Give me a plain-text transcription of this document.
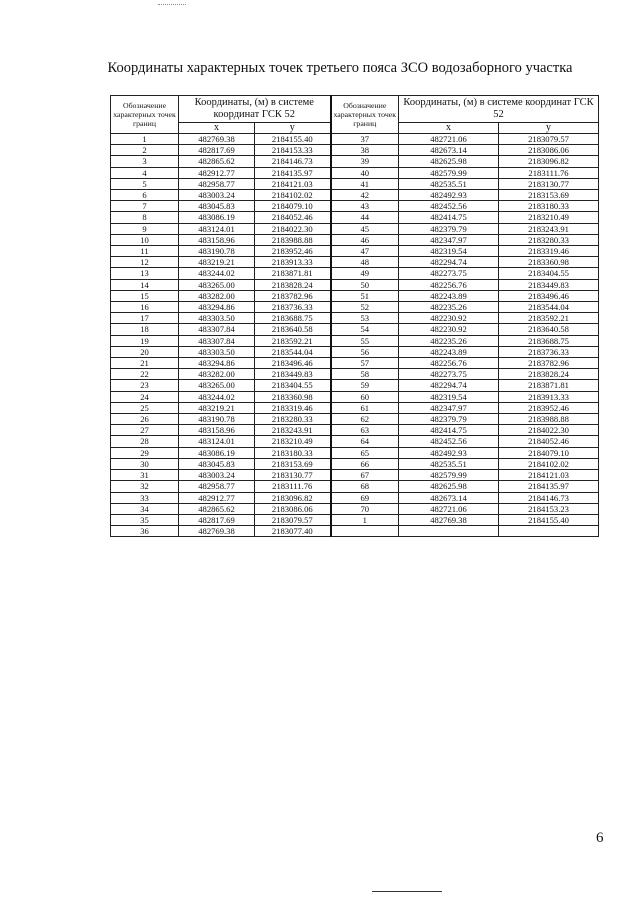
Координаты характерных точек третьего пояса ЗСО водозаборного участка
Обозначение характерных точек границ	Координаты, (м) в системе координат ГСК 52		Обозначение характерных точек границ	Координаты, (м) в системе координат ГСК 52	
	x	y		x	y
1	482769.38	2184155.40	37	482721.06	2183079.57
2	482817.69	2184153.33	38	482673.14	2183086.06
3	482865.62	2184146.73	39	482625.98	2183096.82
4	482912.77	2184135.97	40	482579.99	2183111.76
5	482958.77	2184121.03	41	482535.51	2183130.77
6	483003.24	2184102.02	42	482492.93	2183153.69
7	483045.83	2184079.10	43	482452.56	2183180.33
8	483086.19	2184052.46	44	482414.75	2183210.49
9	483124.01	2184022.30	45	482379.79	2183243.91
10	483158.96	2183988.88	46	482347.97	2183280.33
11	483190.78	2183952.46	47	482319.54	2183319.46
12	483219.21	2183913.33	48	482294.74	2183360.98
13	483244.02	2183871.81	49	482273.75	2183404.55
14	483265.00	2183828.24	50	482256.76	2183449.83
15	483282.00	2183782.96	51	482243.89	2183496.46
16	483294.86	2183736.33	52	482235.26	2183544.04
17	483303.50	2183688.75	53	482230.92	2183592.21
18	483307.84	2183640.58	54	482230.92	2183640.58
19	483307.84	2183592.21	55	482235.26	2183688.75
20	483303.50	2183544.04	56	482243.89	2183736.33
21	483294.86	2183496.46	57	482256.76	2183782.96
22	483282.00	2183449.83	58	482273.75	2183828.24
23	483265.00	2183404.55	59	482294.74	2183871.81
24	483244.02	2183360.98	60	482319.54	2183913.33
25	483219.21	2183319.46	61	482347.97	2183952.46
26	483190.78	2183280.33	62	482379.79	2183988.88
27	483158.96	2183243.91	63	482414.75	2184022.30
28	483124.01	2183210.49	64	482452.56	2184052.46
29	483086.19	2183180.33	65	482492.93	2184079.10
30	483045.83	2183153.69	66	482535.51	2184102.02
31	483003.24	2183130.77	67	482579.99	2184121.03
32	482958.77	2183111.76	68	482625.98	2184135.97
33	482912.77	2183096.82	69	482673.14	2184146.73
34	482865.62	2183086.06	70	482721.06	2184153.23
35	482817.69	2183079.57	1	482769.38	2184155.40
36	482769.38	2183077.40			
6
